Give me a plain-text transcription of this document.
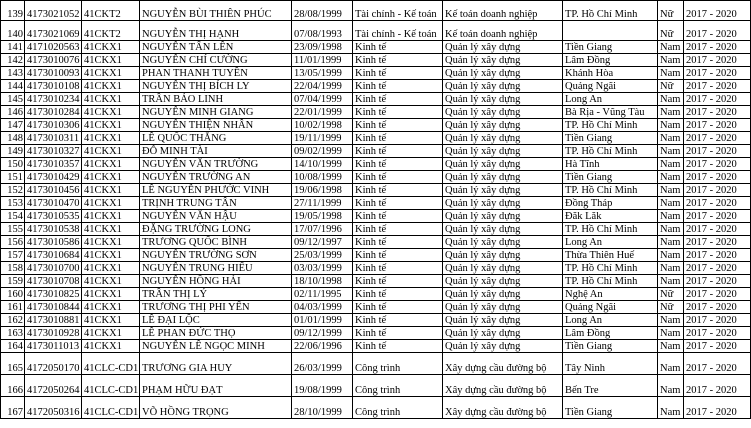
139	4173021052	41CKT2	NGUYỄN BÙI THIÊN PHÚC	28/08/1999	Tài chính - Kế toán	Kế toán doanh nghiệp	TP. Hồ Chí Minh	Nữ	2017 - 2020
140	4173021069	41CKT2	NGUYỄN THỊ HẠNH	07/08/1993	Tài chính - Kế toán	Kế toán doanh nghiệp		Nữ	2017 - 2020
141	4171020563	41CKX1	NGUYỄN TẤN LÊN	23/09/1998	Kinh tế	Quản lý xây dựng	Tiền Giang	Nam	2017 - 2020
142	4173010076	41CKX1	NGUYỄN CHÍ CƯỜNG	11/01/1999	Kinh tế	Quản lý xây dựng	Lâm Đồng	Nam	2017 - 2020
143	4173010093	41CKX1	PHAN THANH TUYỀN	13/05/1999	Kinh tế	Quản lý xây dựng	Khánh Hòa	Nam	2017 - 2020
144	4173010108	41CKX1	NGUYỄN THỊ BÍCH LY	22/04/1999	Kinh tế	Quản lý xây dựng	Quảng Ngãi	Nữ	2017 - 2020
145	4173010234	41CKX1	TRẦN BẢO LINH	07/04/1999	Kinh tế	Quản lý xây dựng	Long An	Nam	2017 - 2020
146	4173010284	41CKX1	NGUYỄN MINH GIANG	22/01/1999	Kinh tế	Quản lý xây dựng	Bà Rịa - Vũng Tàu	Nam	2017 - 2020
147	4173010306	41CKX1	NGUYỄN THIỆN NHÂN	10/02/1998	Kinh tế	Quản lý xây dựng	TP. Hồ Chí Minh	Nam	2017 - 2020
148	4173010311	41CKX1	LÊ QUỐC THẮNG	19/11/1999	Kinh tế	Quản lý xây dựng	Tiền Giang	Nam	2017 - 2020
149	4173010327	41CKX1	ĐỖ MINH TÀI	09/02/1999	Kinh tế	Quản lý xây dựng	TP. Hồ Chí Minh	Nam	2017 - 2020
150	4173010357	41CKX1	NGUYỄN VĂN TRƯỜNG	14/10/1999	Kinh tế	Quản lý xây dựng	Hà Tĩnh	Nam	2017 - 2020
151	4173010429	41CKX1	NGUYỄN TRƯỜNG AN	10/08/1999	Kinh tế	Quản lý xây dựng	Tiền Giang	Nam	2017 - 2020
152	4173010456	41CKX1	LÊ NGUYỄN PHƯỚC VINH	19/06/1998	Kinh tế	Quản lý xây dựng	TP. Hồ Chí Minh	Nam	2017 - 2020
153	4173010470	41CKX1	TRỊNH TRUNG TÂN	27/11/1999	Kinh tế	Quản lý xây dựng	Đồng Tháp	Nam	2017 - 2020
154	4173010535	41CKX1	NGUYỄN VĂN HẬU	19/05/1998	Kinh tế	Quản lý xây dựng	Đăk Lăk	Nam	2017 - 2020
155	4173010538	41CKX1	ĐẶNG TRƯỜNG LONG	17/07/1996	Kinh tế	Quản lý xây dựng	TP. Hồ Chí Minh	Nam	2017 - 2020
156	4173010586	41CKX1	TRƯƠNG QUỐC BÌNH	09/12/1997	Kinh tế	Quản lý xây dựng	Long An	Nam	2017 - 2020
157	4173010684	41CKX1	NGUYỄN TRƯỜNG SƠN	25/03/1999	Kinh tế	Quản lý xây dựng	Thừa Thiên Huế	Nam	2017 - 2020
158	4173010700	41CKX1	NGUYỄN TRUNG HIẾU	03/03/1999	Kinh tế	Quản lý xây dựng	TP. Hồ Chí Minh	Nam	2017 - 2020
159	4173010708	41CKX1	NGUYỄN HỒNG HẢI	18/10/1998	Kinh tế	Quản lý xây dựng	TP. Hồ Chí Minh	Nam	2017 - 2020
160	4173010825	41CKX1	TRẦN THỊ LÝ	02/11/1995	Kinh tế	Quản lý xây dựng	Nghệ An	Nữ	2017 - 2020
161	4173010844	41CKX1	TRƯƠNG THỊ PHI YẾN	04/03/1999	Kinh tế	Quản lý xây dựng	Quảng Ngãi	Nữ	2017 - 2020
162	4173010881	41CKX1	LÊ ĐẠI LỘC	01/01/1999	Kinh tế	Quản lý xây dựng	Long An	Nam	2017 - 2020
163	4173010928	41CKX1	LÊ PHAN ĐỨC THỌ	09/12/1999	Kinh tế	Quản lý xây dựng	Lâm Đồng	Nam	2017 - 2020
164	4173011013	41CKX1	NGUYỄN LÊ NGỌC MINH	22/06/1996	Kinh tế	Quản lý xây dựng	Tiền Giang	Nam	2017 - 2020
165	4172050170	41CLC-CD1	TRƯƠNG GIA HUY	26/03/1999	Công trình	Xây dựng cầu đường bộ	Tây Ninh	Nam	2017 - 2020
166	4172050264	41CLC-CD1	PHẠM HỮU ĐẠT	19/08/1999	Công trình	Xây dựng cầu đường bộ	Bến Tre	Nam	2017 - 2020
167	4172050316	41CLC-CD1	VÕ HỒNG TRỌNG	28/10/1999	Công trình	Xây dựng cầu đường bộ	Tiền Giang	Nam	2017 - 2020
